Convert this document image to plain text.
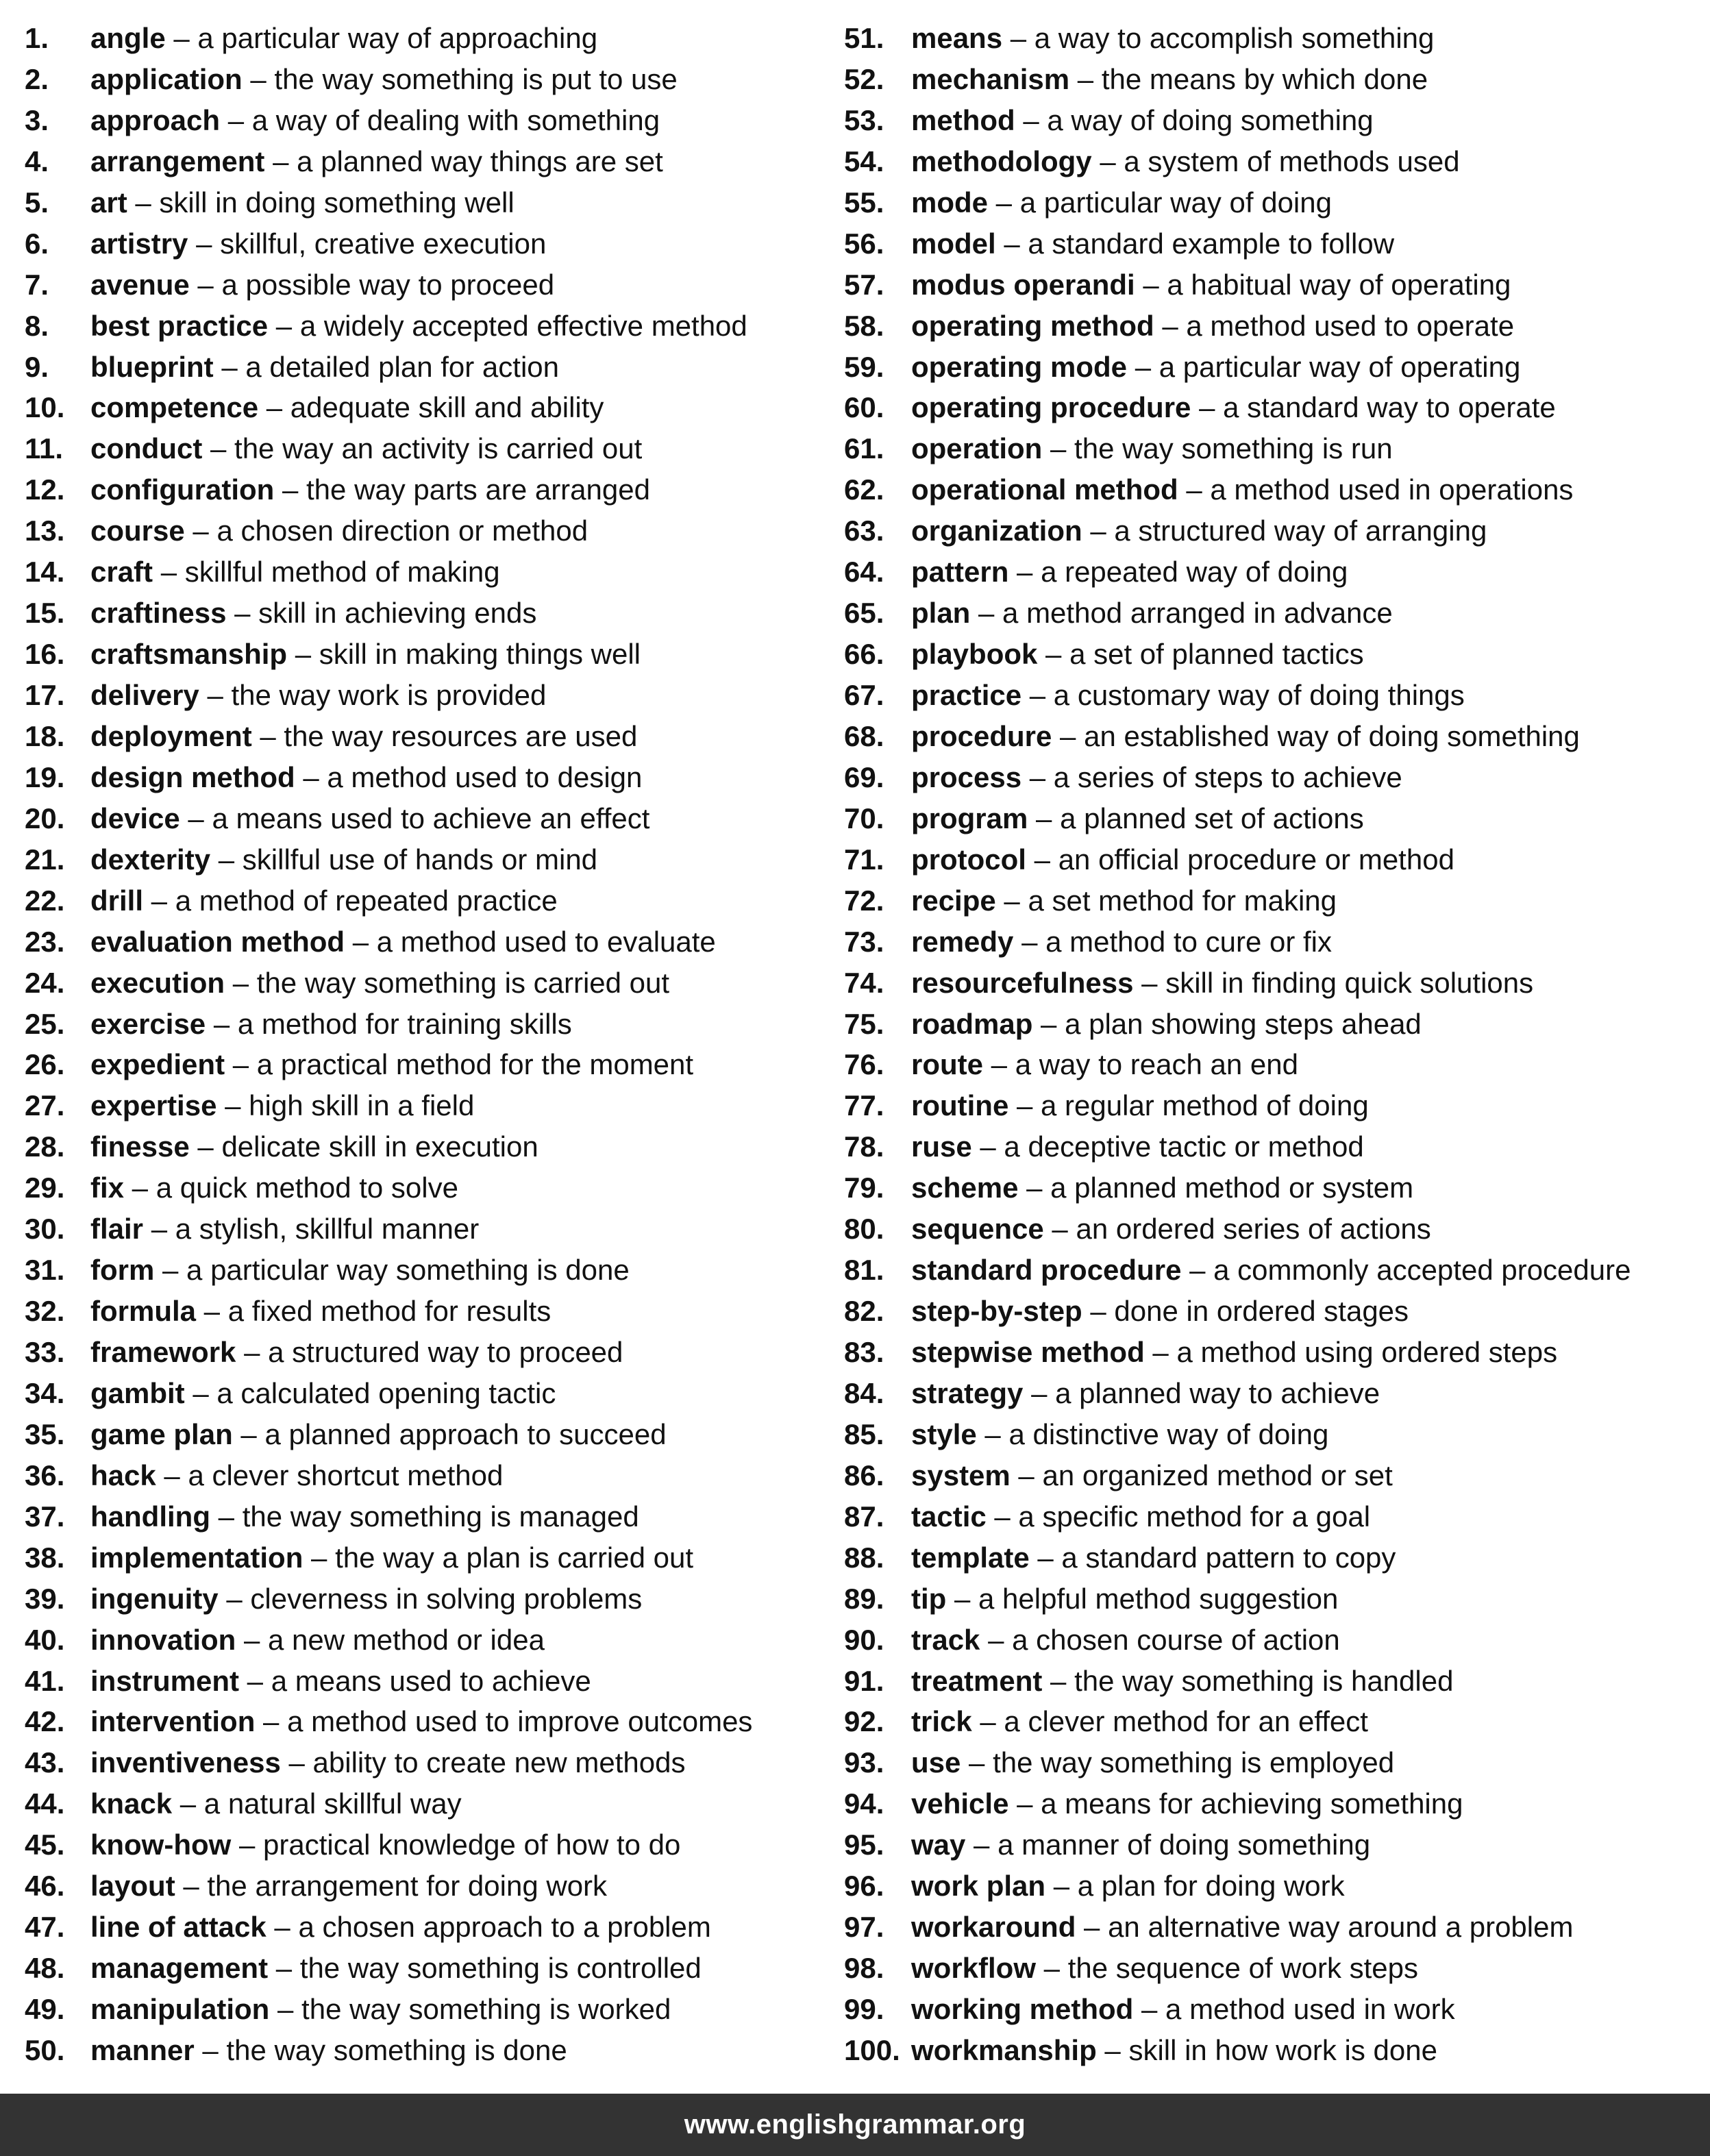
1. angle – a particular way of approaching
2. application – the way something is put to use
3. approach – a way of dealing with something
4. arrangement – a planned way things are set
5. art – skill in doing something well
6. artistry – skillful, creative execution
7. avenue – a possible way to proceed
8. best practice – a widely accepted effective method
9. blueprint – a detailed plan for action
10. competence – adequate skill and ability
11. conduct – the way an activity is carried out
12. configuration – the way parts are arranged
13. course – a chosen direction or method
14. craft – skillful method of making
15. craftiness – skill in achieving ends
16. craftsmanship – skill in making things well
17. delivery – the way work is provided
18. deployment – the way resources are used
19. design method – a method used to design
20. device – a means used to achieve an effect
21. dexterity – skillful use of hands or mind
22. drill – a method of repeated practice
23. evaluation method – a method used to evaluate
24. execution – the way something is carried out
25. exercise – a method for training skills
26. expedient – a practical method for the moment
27. expertise – high skill in a field
28. finesse – delicate skill in execution
29. fix – a quick method to solve
30. flair – a stylish, skillful manner
31. form – a particular way something is done
32. formula – a fixed method for results
33. framework – a structured way to proceed
34. gambit – a calculated opening tactic
35. game plan – a planned approach to succeed
36. hack – a clever shortcut method
37. handling – the way something is managed
38. implementation – the way a plan is carried out
39. ingenuity – cleverness in solving problems
40. innovation – a new method or idea
41. instrument – a means used to achieve
42. intervention – a method used to improve outcomes
43. inventiveness – ability to create new methods
44. knack – a natural skillful way
45. know-how – practical knowledge of how to do
46. layout – the arrangement for doing work
47. line of attack – a chosen approach to a problem
48. management – the way something is controlled
49. manipulation – the way something is worked
50. manner – the way something is done
51. means – a way to accomplish something
52. mechanism – the means by which done
53. method – a way of doing something
54. methodology – a system of methods used
55. mode – a particular way of doing
56. model – a standard example to follow
57. modus operandi – a habitual way of operating
58. operating method – a method used to operate
59. operating mode – a particular way of operating
60. operating procedure – a standard way to operate
61. operation – the way something is run
62. operational method – a method used in operations
63. organization – a structured way of arranging
64. pattern – a repeated way of doing
65. plan – a method arranged in advance
66. playbook – a set of planned tactics
67. practice – a customary way of doing things
68. procedure – an established way of doing something
69. process – a series of steps to achieve
70. program – a planned set of actions
71. protocol – an official procedure or method
72. recipe – a set method for making
73. remedy – a method to cure or fix
74. resourcefulness – skill in finding quick solutions
75. roadmap – a plan showing steps ahead
76. route – a way to reach an end
77. routine – a regular method of doing
78. ruse – a deceptive tactic or method
79. scheme – a planned method or system
80. sequence – an ordered series of actions
81. standard procedure – a commonly accepted procedure
82. step-by-step – done in ordered stages
83. stepwise method – a method using ordered steps
84. strategy – a planned way to achieve
85. style – a distinctive way of doing
86. system – an organized method or set
87. tactic – a specific method for a goal
88. template – a standard pattern to copy
89. tip – a helpful method suggestion
90. track – a chosen course of action
91. treatment – the way something is handled
92. trick – a clever method for an effect
93. use – the way something is employed
94. vehicle – a means for achieving something
95. way – a manner of doing something
96. work plan – a plan for doing work
97. workaround – an alternative way around a problem
98. workflow – the sequence of work steps
99. working method – a method used in work
100. workmanship – skill in how work is done
www.englishgrammar.org
